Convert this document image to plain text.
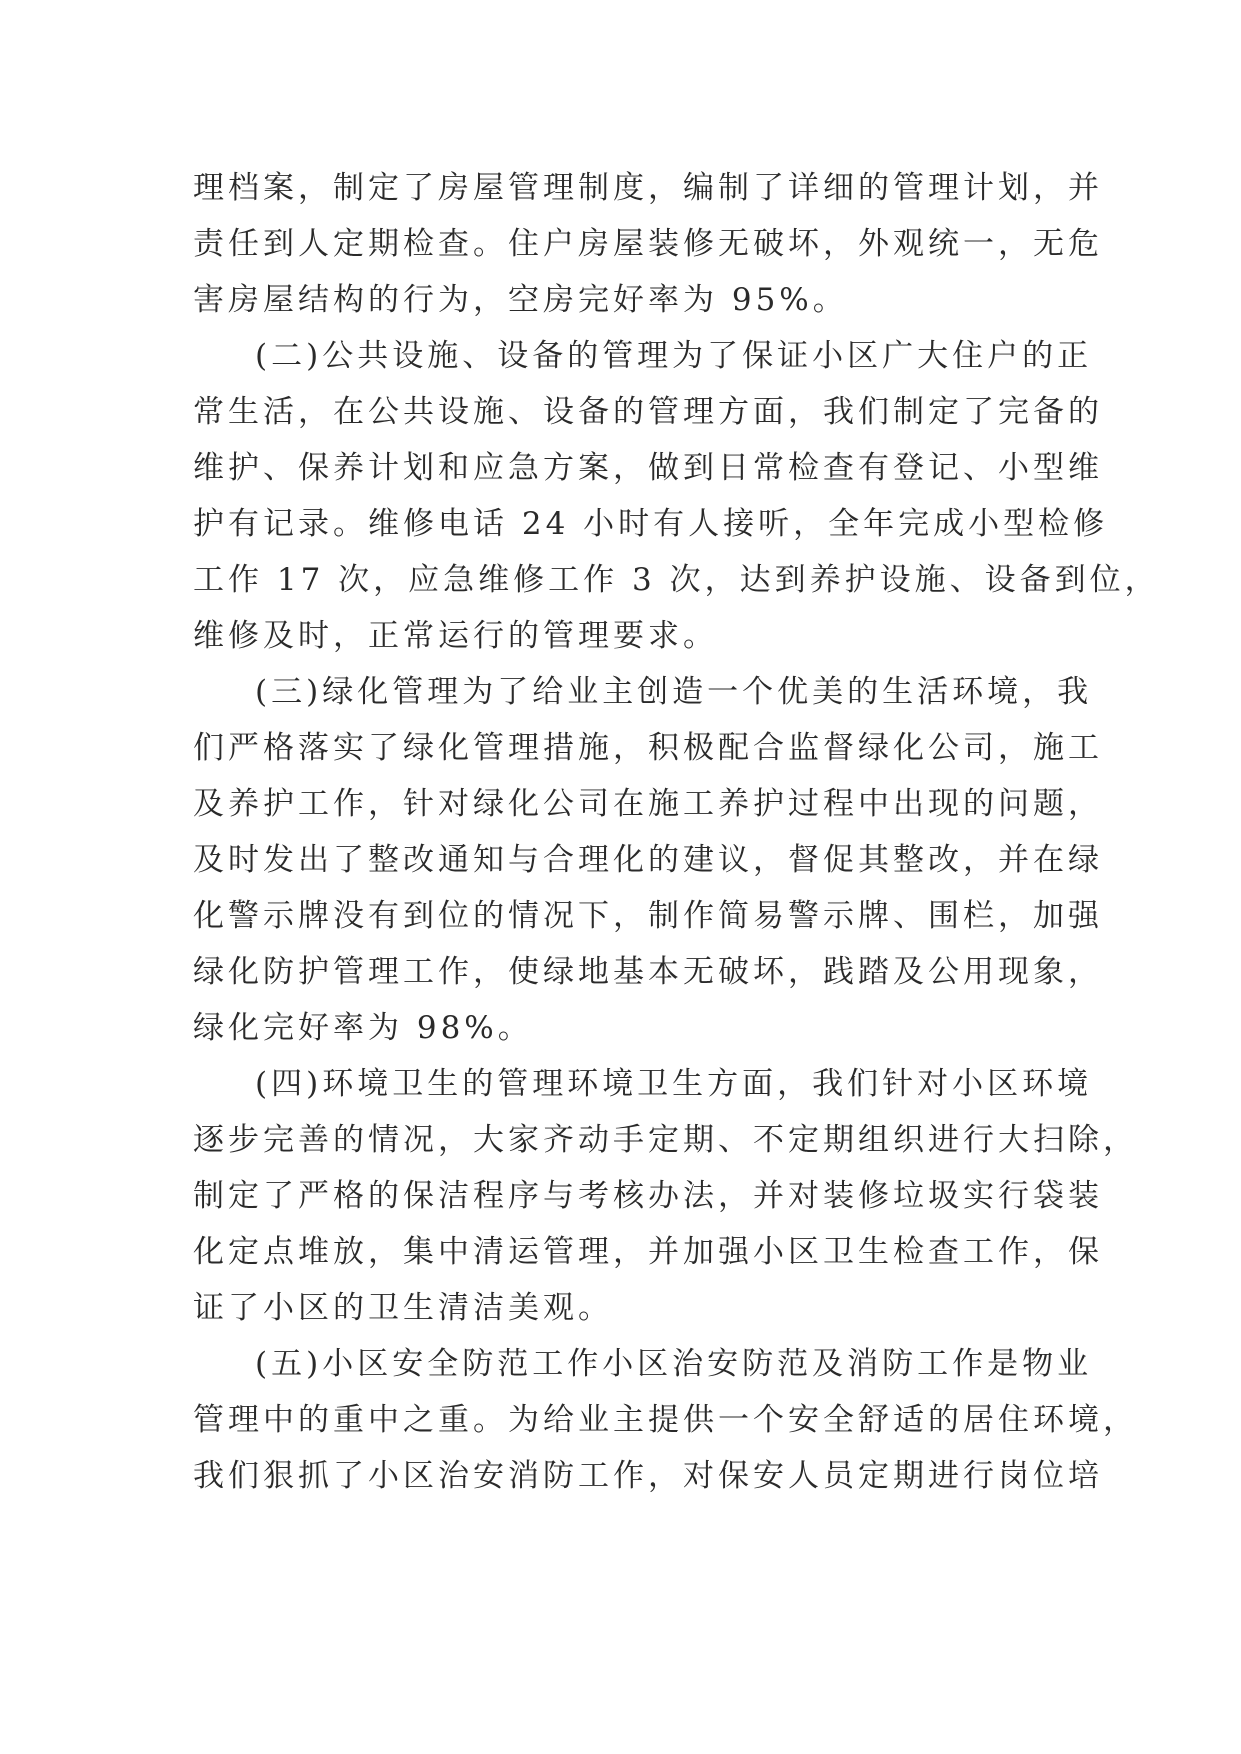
理档案，制定了房屋管理制度，编制了详细的管理计划，并
责任到人定期检查。住户房屋装修无破坏，外观统一，无危
害房屋结构的行为，空房完好率为 95%。
(二)公共设施、设备的管理为了保证小区广大住户的正
常生活，在公共设施、设备的管理方面，我们制定了完备的
维护、保养计划和应急方案，做到日常检查有登记、小型维
护有记录。维修电话 24 小时有人接听，全年完成小型检修
工作 17 次，应急维修工作 3 次，达到养护设施、设备到位，
维修及时，正常运行的管理要求。
(三)绿化管理为了给业主创造一个优美的生活环境，我
们严格落实了绿化管理措施，积极配合监督绿化公司，施工
及养护工作，针对绿化公司在施工养护过程中出现的问题，
及时发出了整改通知与合理化的建议，督促其整改，并在绿
化警示牌没有到位的情况下，制作简易警示牌、围栏，加强
绿化防护管理工作，使绿地基本无破坏，践踏及公用现象，
绿化完好率为 98%。
(四)环境卫生的管理环境卫生方面，我们针对小区环境
逐步完善的情况，大家齐动手定期、不定期组织进行大扫除，
制定了严格的保洁程序与考核办法，并对装修垃圾实行袋装
化定点堆放，集中清运管理，并加强小区卫生检查工作，保
证了小区的卫生清洁美观。
(五)小区安全防范工作小区治安防范及消防工作是物业
管理中的重中之重。为给业主提供一个安全舒适的居住环境，
我们狠抓了小区治安消防工作，对保安人员定期进行岗位培
